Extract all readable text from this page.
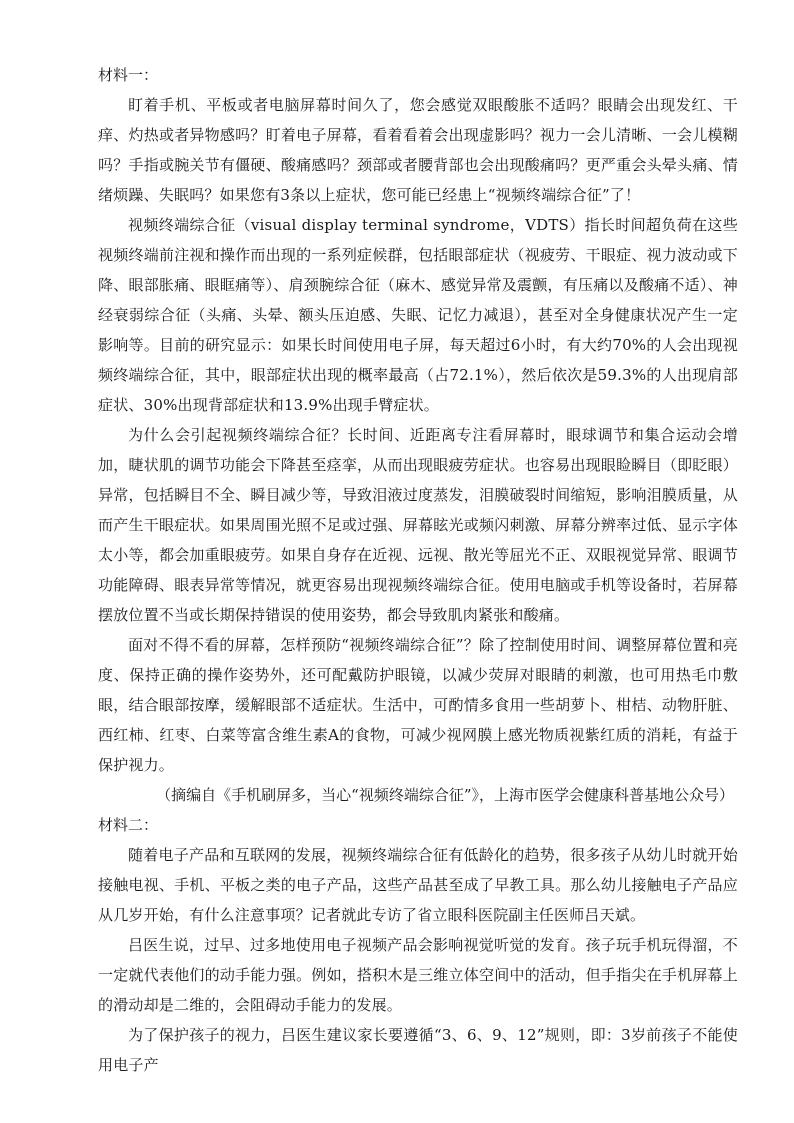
材料一：

盯着手机、平板或者电脑屏幕时间久了，您会感觉双眼酸胀不适吗？眼睛会出现发红、干痒、灼热或者异物感吗？盯着电子屏幕，看着看着会出现虚影吗？视力一会儿清晰、一会儿模糊吗？手指或腕关节有僵硬、酸痛感吗？颈部或者腰背部也会出现酸痛吗？更严重会头晕头痛、情绪烦躁、失眠吗？如果您有3条以上症状，您可能已经患上“视频终端综合征”了！

视频终端综合征（visual display terminal syndrome，VDTS）指长时间超负荷在这些视频终端前注视和操作而出现的一系列症候群，包括眼部症状（视疲劳、干眼症、视力波动或下降、眼部胀痛、眼眶痛等）、肩颈腕综合征（麻木、感觉异常及震颤，有压痛以及酸痛不适）、神经衰弱综合征（头痛、头晕、额头压迫感、失眠、记忆力减退），甚至对全身健康状况产生一定影响等。目前的研究显示：如果长时间使用电子屏，每天超过6小时，有大约70%的人会出现视频终端综合征，其中，眼部症状出现的概率最高（占72.1%），然后依次是59.3%的人出现肩部症状、30%出现背部症状和13.9%出现手臂症状。

为什么会引起视频终端综合征？长时间、近距离专注看屏幕时，眼球调节和集合运动会增加，睫状肌的调节功能会下降甚至痉挛，从而出现眼疲劳症状。也容易出现眼睑瞬目（即眨眼）异常，包括瞬目不全、瞬目减少等，导致泪液过度蒸发，泪膜破裂时间缩短，影响泪膜质量，从而产生干眼症状。如果周围光照不足或过强、屏幕眩光或频闪刺激、屏幕分辨率过低、显示字体太小等，都会加重眼疲劳。如果自身存在近视、远视、散光等屈光不正、双眼视觉异常、眼调节功能障碍、眼表异常等情况，就更容易出现视频终端综合征。使用电脑或手机等设备时，若屏幕摆放位置不当或长期保持错误的使用姿势，都会导致肌肉紧张和酸痛。

面对不得不看的屏幕，怎样预防“视频终端综合征”？除了控制使用时间、调整屏幕位置和亮度、保持正确的操作姿势外，还可配戴防护眼镜，以减少荧屏对眼睛的刺激，也可用热毛巾敷眼，结合眼部按摩，缓解眼部不适症状。生活中，可酌情多食用一些胡萝卜、柑桔、动物肝脏、西红柿、红枣、白菜等富含维生素A的食物，可减少视网膜上感光物质视紫红质的消耗，有益于保护视力。

（摘编自《手机刷屏多，当心“视频终端综合征”》，上海市医学会健康科普基地公众号）

材料二：

随着电子产品和互联网的发展，视频终端综合征有低龄化的趋势，很多孩子从幼儿时就开始接触电视、手机、平板之类的电子产品，这些产品甚至成了早教工具。那么幼儿接触电子产品应从几岁开始，有什么注意事项？记者就此专访了省立眼科医院副主任医师吕天斌。

吕医生说，过早、过多地使用电子视频产品会影响视觉听觉的发育。孩子玩手机玩得溜，不一定就代表他们的动手能力强。例如，搭积木是三维立体空间中的活动，但手指尖在手机屏幕上的滑动却是二维的，会阻碍动手能力的发展。

为了保护孩子的视力，吕医生建议家长要遵循“3、6、9、12”规则，即：3岁前孩子不能使用电子产
